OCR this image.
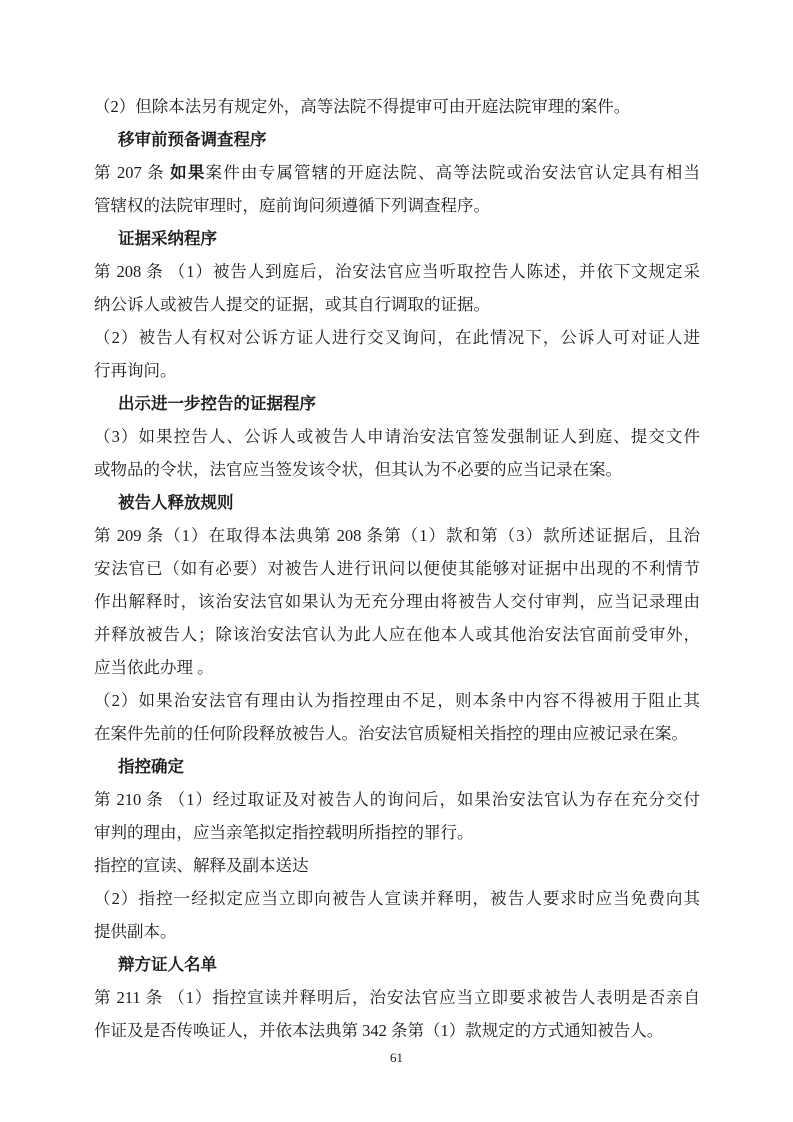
（2）但除本法另有规定外，高等法院不得提审可由开庭法院审理的案件。
移审前预备调查程序
第 207 条 如果案件由专属管辖的开庭法院、高等法院或治安法官认定具有相当
管辖权的法院审理时，庭前询问须遵循下列调查程序。
证据采纳程序
第 208 条 （1）被告人到庭后，治安法官应当听取控告人陈述，并依下文规定采
纳公诉人或被告人提交的证据，或其自行调取的证据。
（2）被告人有权对公诉方证人进行交叉询问，在此情况下，公诉人可对证人进
行再询问。
出示进一步控告的证据程序
（3）如果控告人、公诉人或被告人申请治安法官签发强制证人到庭、提交文件
或物品的令状，法官应当签发该令状，但其认为不必要的应当记录在案。
被告人释放规则
第 209 条（1）在取得本法典第 208 条第（1）款和第（3）款所述证据后，且治
安法官已（如有必要）对被告人进行讯问以便使其能够对证据中出现的不利情节
作出解释时，该治安法官如果认为无充分理由将被告人交付审判，应当记录理由
并释放被告人；除该治安法官认为此人应在他本人或其他治安法官面前受审外，
应当依此办理 。
（2）如果治安法官有理由认为指控理由不足，则本条中内容不得被用于阻止其
在案件先前的任何阶段释放被告人。治安法官质疑相关指控的理由应被记录在案。
指控确定
第 210 条 （1）经过取证及对被告人的询问后，如果治安法官认为存在充分交付
审判的理由，应当亲笔拟定指控载明所指控的罪行。
指控的宣读、解释及副本送达
（2）指控一经拟定应当立即向被告人宣读并释明，被告人要求时应当免费向其
提供副本。
辩方证人名单
第 211 条 （1）指控宣读并释明后，治安法官应当立即要求被告人表明是否亲自
作证及是否传唤证人，并依本法典第 342 条第（1）款规定的方式通知被告人。
61
